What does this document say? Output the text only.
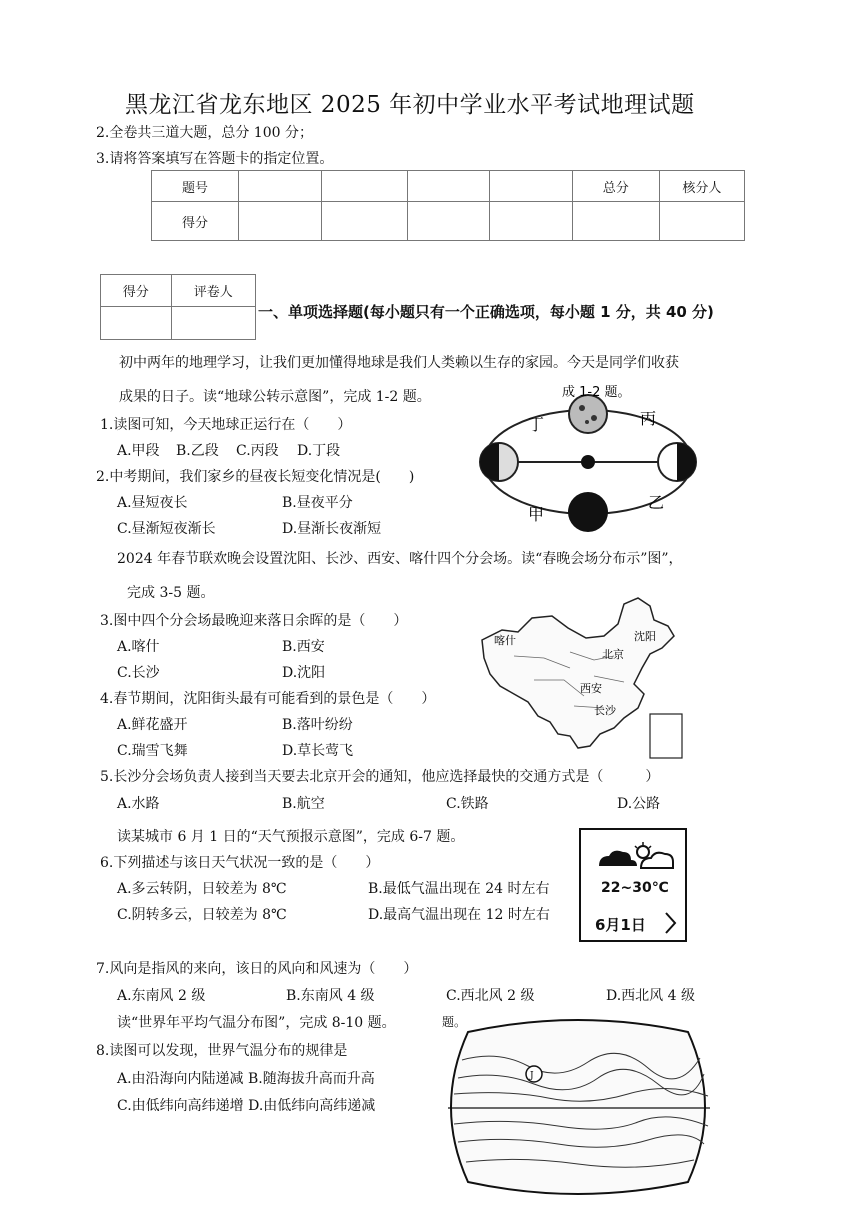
黑龙江省龙东地区 2025 年初中学业水平考试地理试题
2.全卷共三道大题，总分 100 分；
3.请将答案填写在答题卡的指定位置。
题号					总分	核分人
得分						
得分	评卷人

一、单项选择题(每小题只有一个正确选项，每小题 1 分，共 40 分)
初中两年的地理学习，让我们更加懂得地球是我们人类赖以生存的家园。今天是同学们收获
成果的日子。读“地球公转示意图”，完成 1-2 题。
1.读图可知，今天地球正运行在（　　）
A.甲段 B.乙段 C.丙段 D.丁段
2.中考期间，我们家乡的昼夜长短变化情况是(　　)
A.昼短夜长	B.昼夜平分
C.昼渐短夜渐长	D.昼渐长夜渐短
成 1-2 题。
丁	丙
甲
乙
2024 年春节联欢晚会设置沈阳、长沙、西安、喀什四个分会场。读“春晚会场分布示”图”，
完成 3-5 题。
3.图中四个分会场最晚迎来落日余晖的是（　　）
A.喀什	B.西安
C.长沙	D.沈阳
4.春节期间，沈阳街头最有可能看到的景色是（　　）
A.鲜花盛开	B.落叶纷纷
C.瑞雪飞舞	D.草长莺飞
喀什	沈阳
北京
西安
长沙
5.长沙分会场负责人接到当天要去北京开会的通知，他应选择最快的交通方式是（　　　）
A.水路	B.航空	C.铁路	D.公路
读某城市 6 月 1 日的“天气预报示意图”，完成 6-7 题。
6.下列描述与该日天气状况一致的是（　　）
A.多云转阴，日较差为 8℃	B.最低气温出现在 24 时左右
C.阴转多云，日较差为 8℃	D.最高气温出现在 12 时左右
22~30℃
6月1日
7.风向是指风的来向，该日的风向和风速为（　　）
A.东南风 2 级	B.东南风 4 级	C.西北风 2 级	D.西北风 4 级
读“世界年平均气温分布图”，完成 8-10 题。
8.读图可以发现，世界气温分布的规律是
A.由沿海向内陆递减 B.随海拔升高而升高
C.由低纬向高纬递增 D.由低纬向高纬递减
题。
J
